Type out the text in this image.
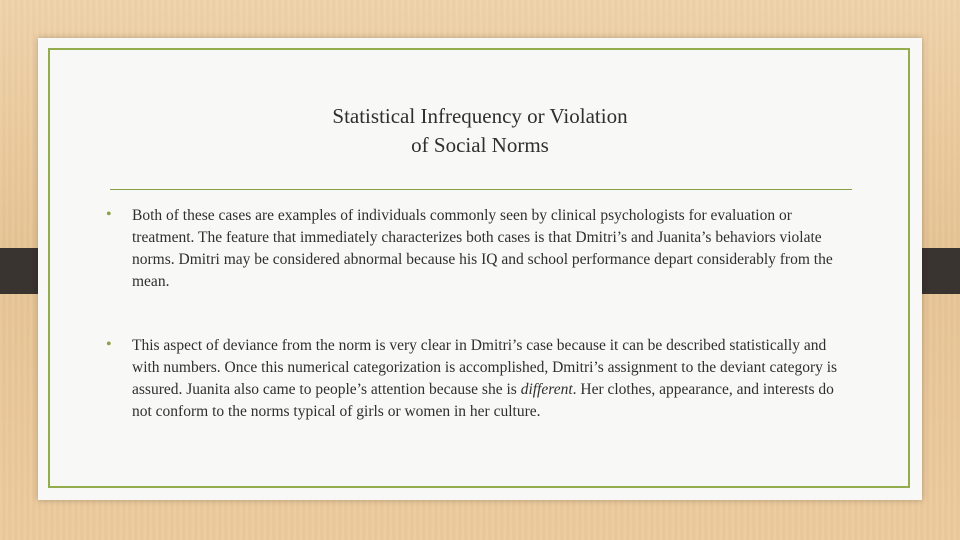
Statistical Infrequency or Violation
of Social Norms
•	Both of these cases are examples of individuals commonly seen by clinical psychologists for evaluation or treatment. The feature that immediately characterizes both cases is that Dmitri’s and Juanita’s behaviors violate norms. Dmitri may be considered abnormal because his IQ and school performance depart considerably from the mean.
•	This aspect of deviance from the norm is very clear in Dmitri’s case because it can be described statistically and with numbers. Once this numerical categorization is accomplished, Dmitri’s assignment to the deviant category is assured. Juanita also came to people’s attention because she is different. Her clothes, appearance, and interests do not conform to the norms typical of girls or women in her culture.
